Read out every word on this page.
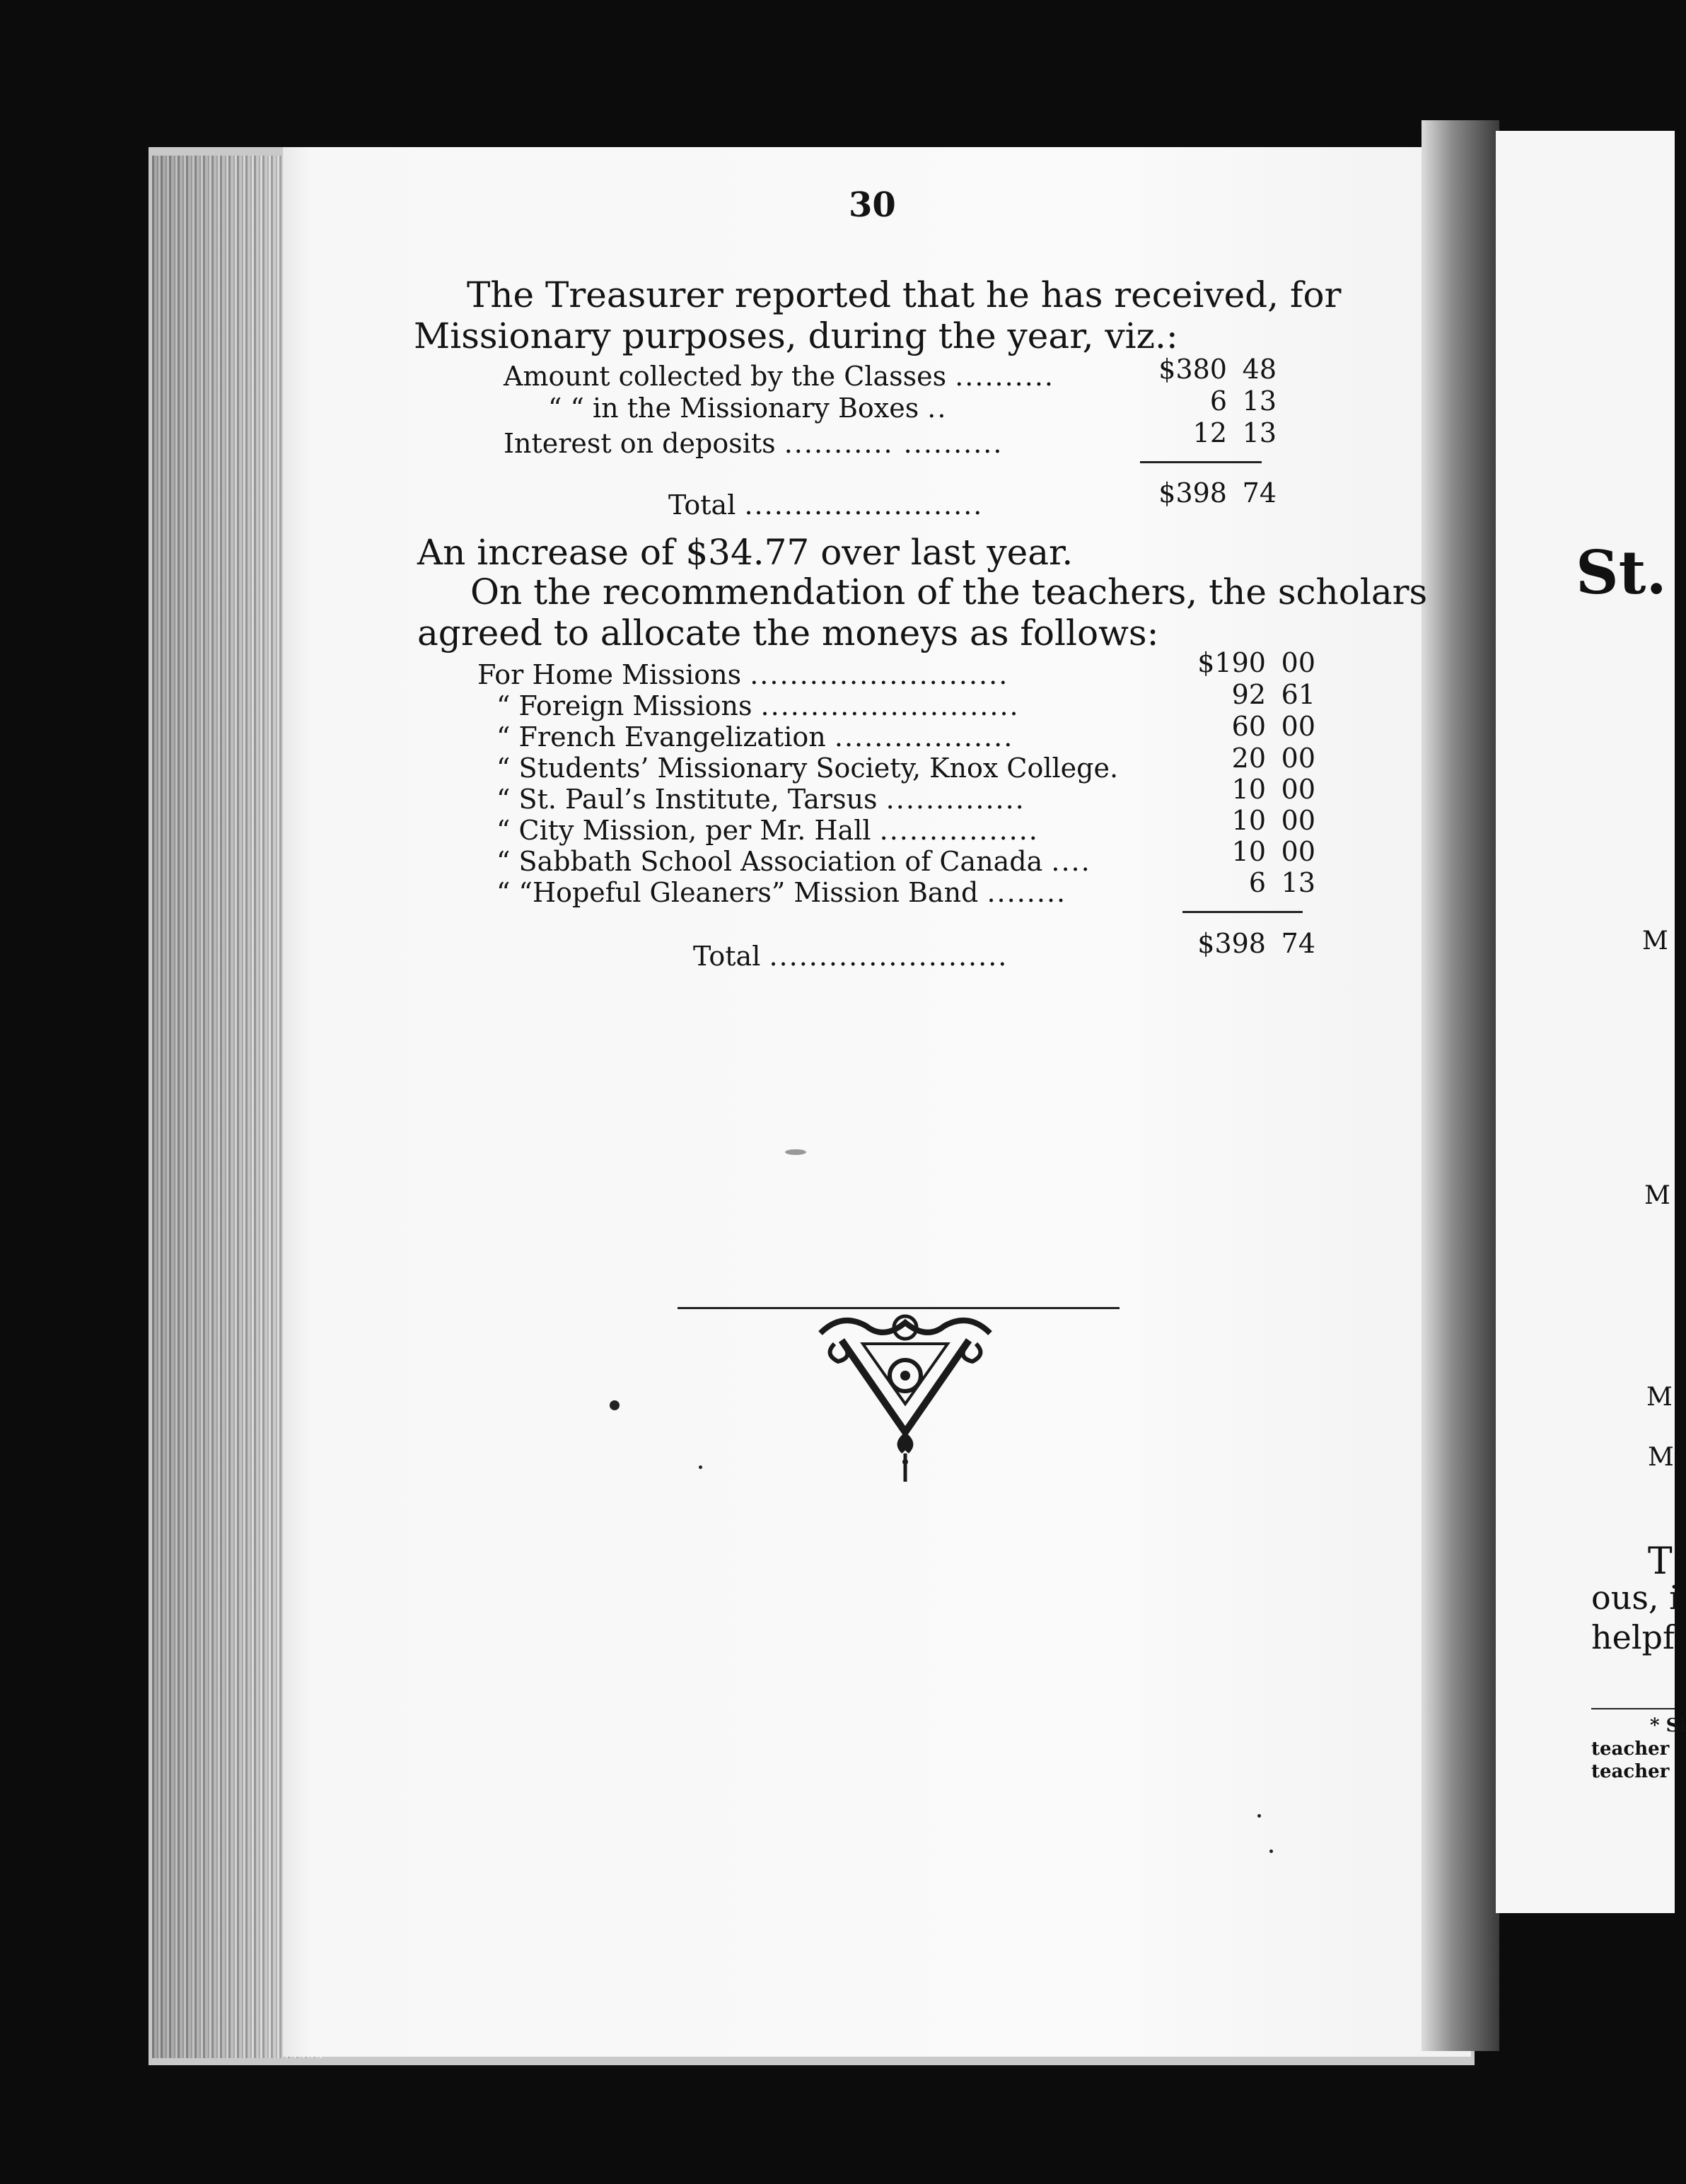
30
The Treasurer reported that he has received, for
Missionary purposes, during the year, viz.:
Amount collected by the Classes ..........	$380 48
“ “ in the Missionary Boxes ..	6 13
Interest on deposits ........... ..........	12 13
Total ........................	$398 74
An increase of $34.77 over last year.
On the recommendation of the teachers, the scholars
agreed to allocate the moneys as follows:
For Home Missions ..........................	$190 00
“ Foreign Missions ..........................	92 61
“ French Evangelization ..................	60 00
“ Students’ Missionary Society, Knox College.	20 00
“ St. Paul’s Institute, Tarsus ..............	10 00
“ City Mission, per Mr. Hall ................	10 00
“ Sabbath School Association of Canada ....	10 00
“ “Hopeful Gleaners” Mission Band ........	6 13
Total ........................	$398 74
St.
M
M
M
M
T
ous, i
helpf
* Si
teacher
teacher
